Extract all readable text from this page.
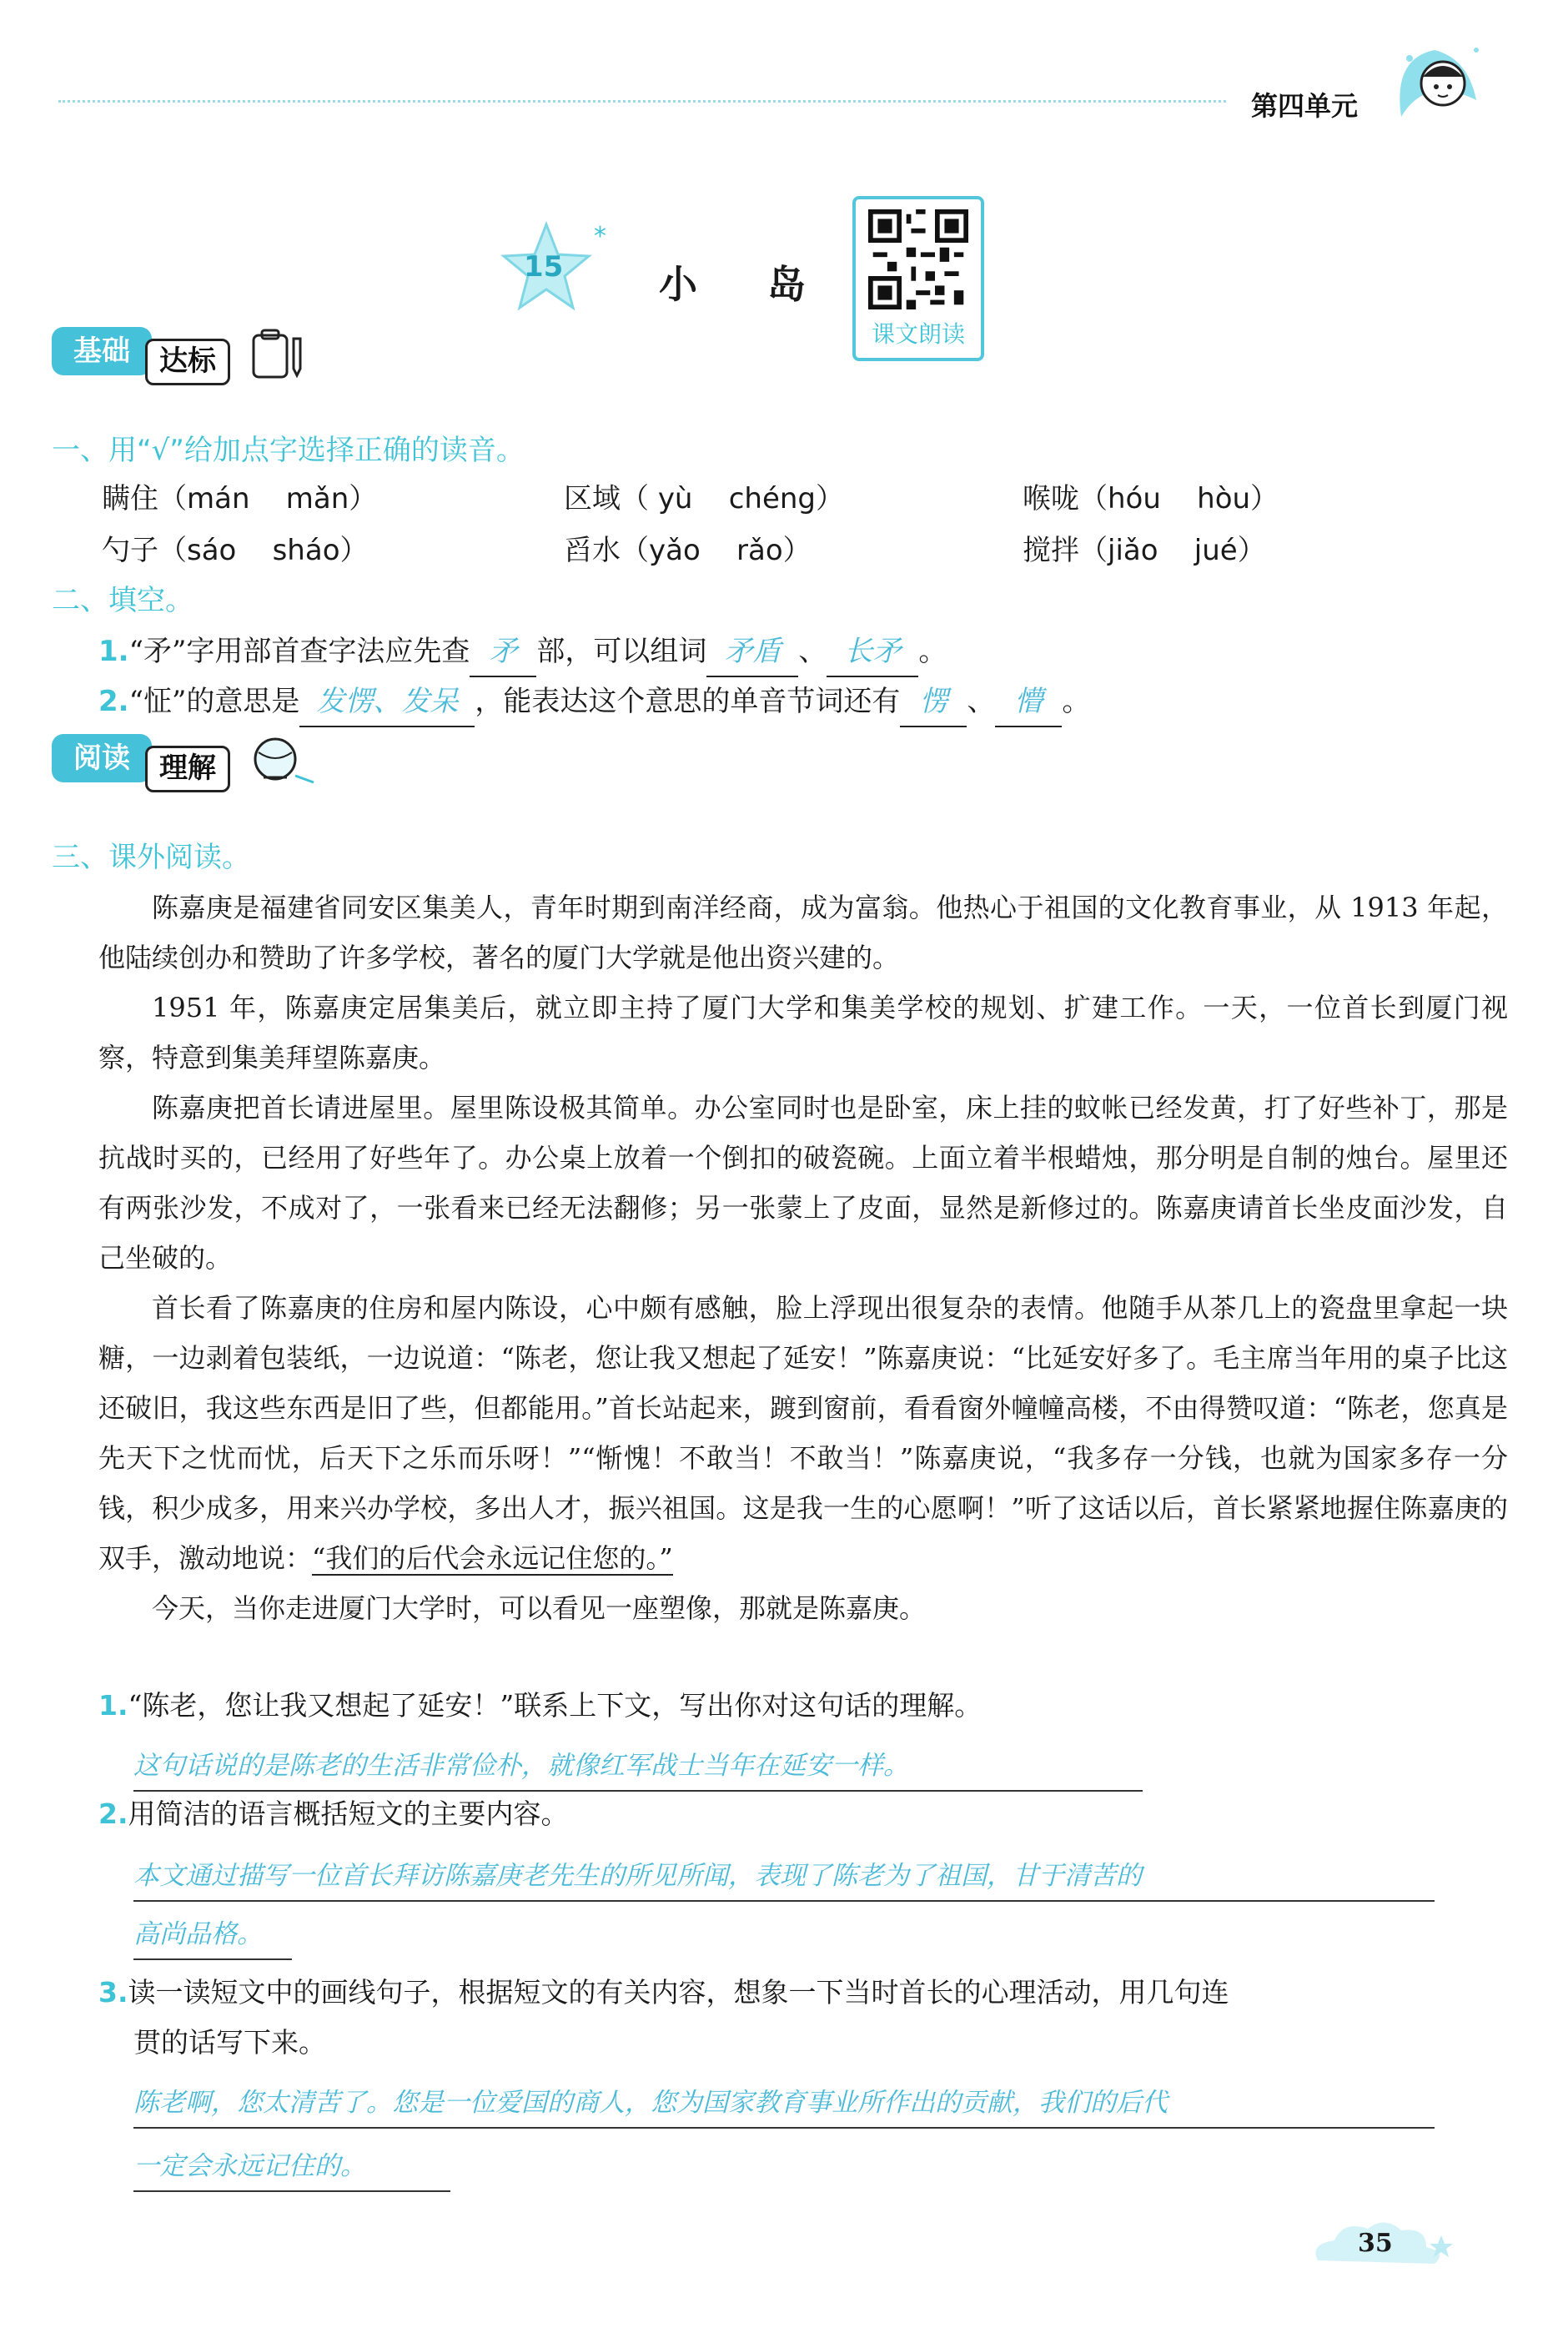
第四单元
15
*
小 岛
课文朗读
基础	达标
一、用“√”给加点字选择正确的读音。
瞒住（mán mǎn）	区域（ yù chéng）	喉咙（hóu hòu）
勺子（sáo sháo）	舀水（yǎo rǎo）	搅拌（jiǎo jué）
二、填空。
1.“矛”字用部首查字法应先查 矛 部，可以组词 矛盾 、 长矛 。
2.“怔”的意思是 发愣、发呆 ，能表达这个意思的单音节词还有 愣 、 懵 。
阅读	理解
三、课外阅读。

陈嘉庚是福建省同安区集美人，青年时期到南洋经商，成为富翁。他热心于祖国的文化教育事业，从 1913 年起，他陆续创办和赞助了许多学校，著名的厦门大学就是他出资兴建的。

1951 年，陈嘉庚定居集美后，就立即主持了厦门大学和集美学校的规划、扩建工作。一天，一位首长到厦门视察，特意到集美拜望陈嘉庚。

陈嘉庚把首长请进屋里。屋里陈设极其简单。办公室同时也是卧室，床上挂的蚊帐已经发黄，打了好些补丁，那是抗战时买的，已经用了好些年了。办公桌上放着一个倒扣的破瓷碗。上面立着半根蜡烛，那分明是自制的烛台。屋里还有两张沙发，不成对了，一张看来已经无法翻修；另一张蒙上了皮面，显然是新修过的。陈嘉庚请首长坐皮面沙发，自己坐破的。

首长看了陈嘉庚的住房和屋内陈设，心中颇有感触，脸上浮现出很复杂的表情。他随手从茶几上的瓷盘里拿起一块糖，一边剥着包装纸，一边说道：“陈老，您让我又想起了延安！”陈嘉庚说：“比延安好多了。毛主席当年用的桌子比这还破旧，我这些东西是旧了些，但都能用。”首长站起来，踱到窗前，看看窗外幢幢高楼，不由得赞叹道：“陈老，您真是先天下之忧而忧，后天下之乐而乐呀！”“惭愧！不敢当！不敢当！”陈嘉庚说，“我多存一分钱，也就为国家多存一分钱，积少成多，用来兴办学校，多出人才，振兴祖国。这是我一生的心愿啊！”听了这话以后，首长紧紧地握住陈嘉庚的双手，激动地说：“我们的后代会永远记住您的。”

今天，当你走进厦门大学时，可以看见一座塑像，那就是陈嘉庚。

1.“陈老，您让我又想起了延安！”联系上下文，写出你对这句话的理解。
这句话说的是陈老的生活非常俭朴，就像红军战士当年在延安一样。
2.用简洁的语言概括短文的主要内容。
本文通过描写一位首长拜访陈嘉庚老先生的所见所闻，表现了陈老为了祖国，甘于清苦的
高尚品格。
3.读一读短文中的画线句子，根据短文的有关内容，想象一下当时首长的心理活动，用几句连
贯的话写下来。
陈老啊，您太清苦了。您是一位爱国的商人，您为国家教育事业所作出的贡献，我们的后代
一定会永远记住的。
35
